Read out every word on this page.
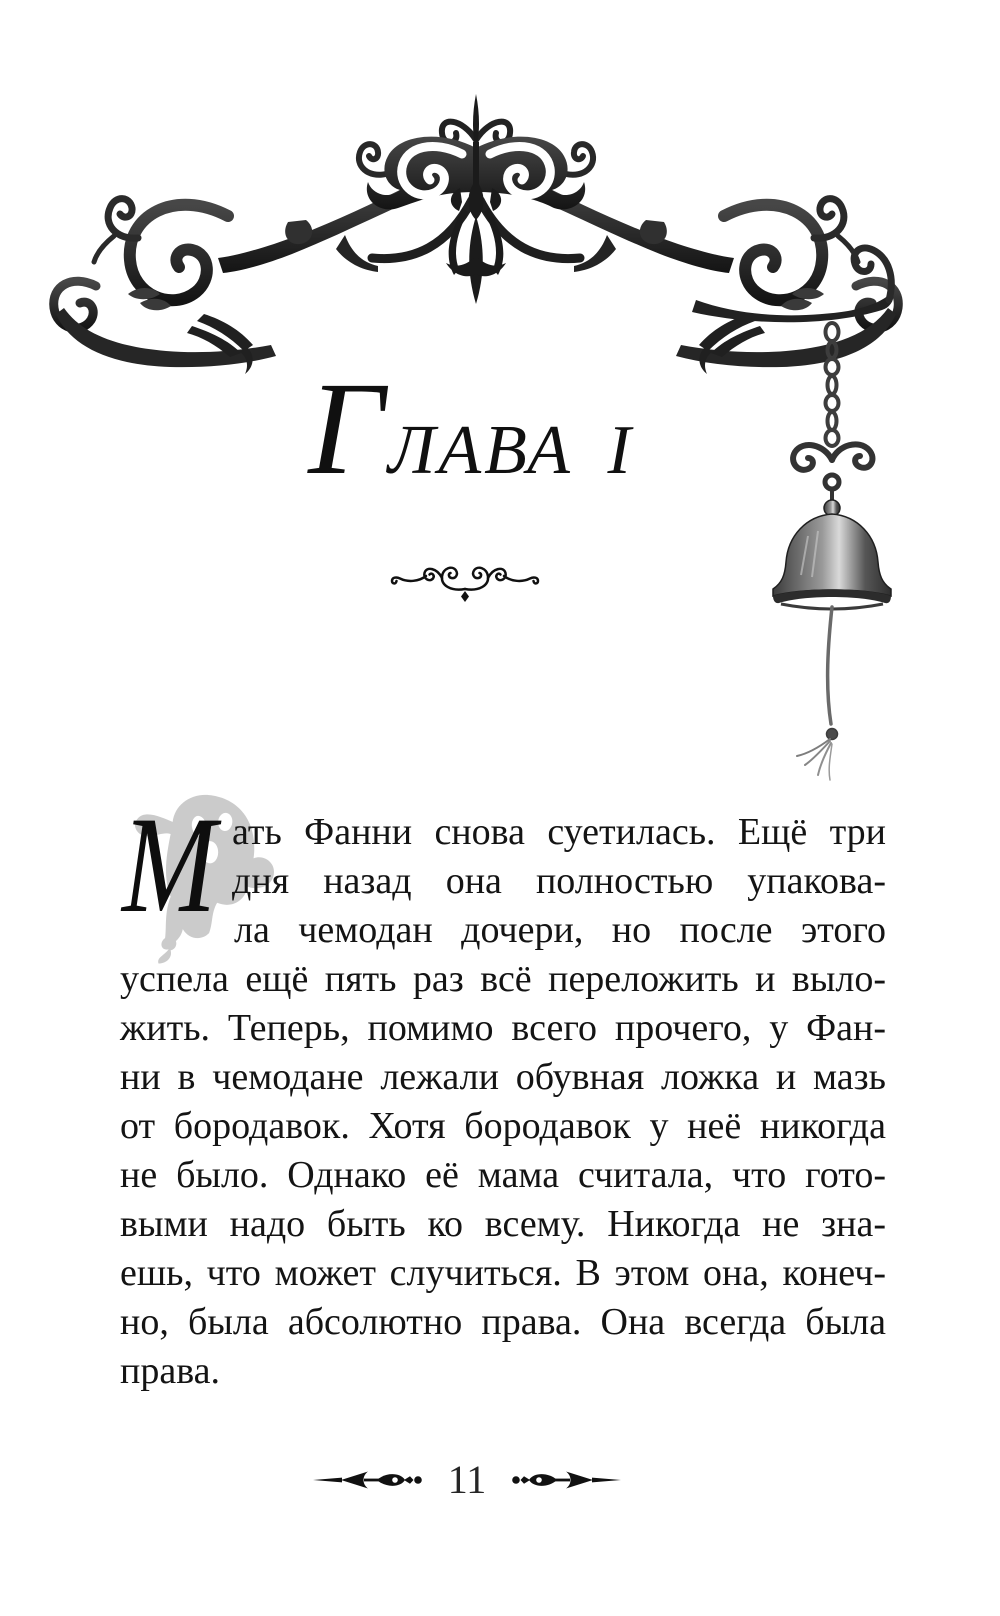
ГЛАВА I
М ать Фанни снова суетилась. Ещё три
дня назад она полностью упакова-
ла чемодан дочери, но после этого
успела ещё пять раз всё переложить и выло-
жить. Теперь, помимо всего прочего, у Фан-
ни в чемодане лежали обувная ложка и мазь
от бородавок. Хотя бородавок у неё никогда
не было. Однако её мама считала, что гото-
выми надо быть ко всему. Никогда не зна-
ешь, что может случиться. В этом она, конеч-
но, была абсолютно права. Она всегда была
права.
11
